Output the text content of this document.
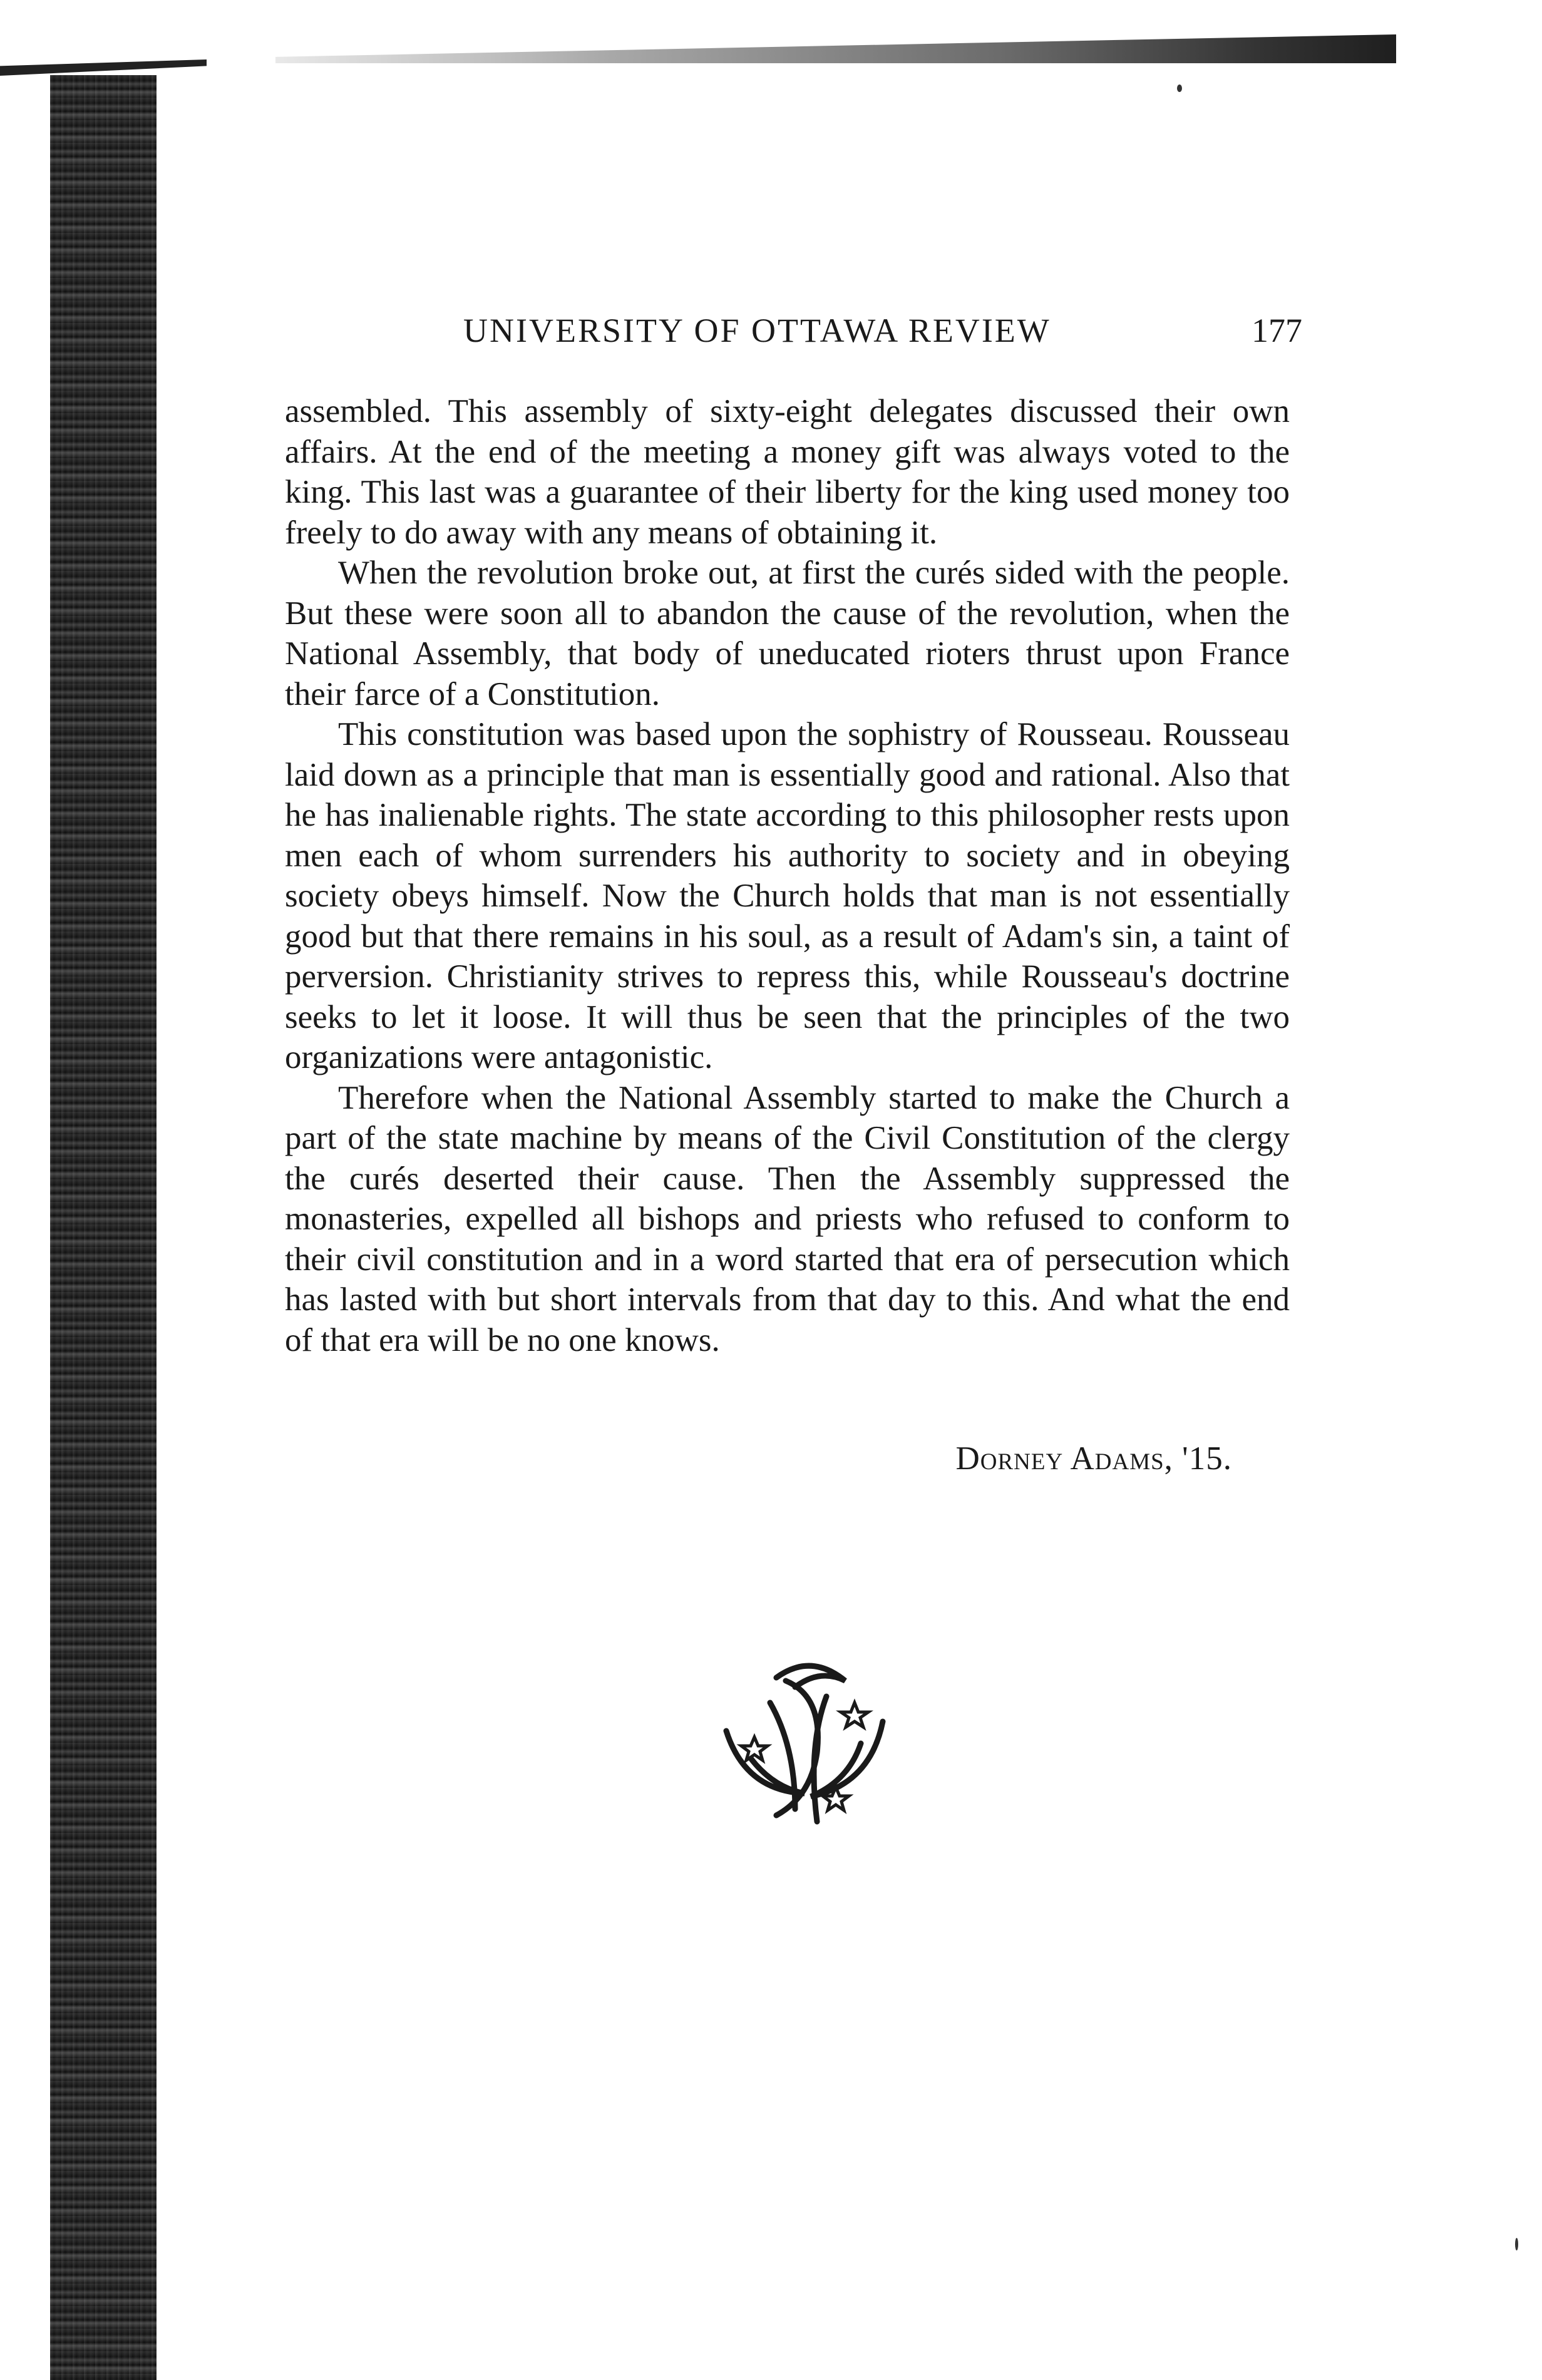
UNIVERSITY OF OTTAWA REVIEW	177

assembled. This assembly of sixty-eight delegates discussed their own affairs. At the end of the meeting a money gift was always voted to the king. This last was a guarantee of their liberty for the king used money too freely to do away with any means of obtaining it.

When the revolution broke out, at first the curés sided with the people. But these were soon all to abandon the cause of the revolution, when the National Assembly, that body of uneducated rioters thrust upon France their farce of a Constitution.

This constitution was based upon the sophistry of Rousseau. Rousseau laid down as a principle that man is essentially good and rational. Also that he has inalienable rights. The state according to this philosopher rests upon men each of whom surrenders his authority to society and in obeying society obeys himself. Now the Church holds that man is not essentially good but that there remains in his soul, as a result of Adam's sin, a taint of perversion. Christianity strives to repress this, while Rousseau's doctrine seeks to let it loose. It will thus be seen that the principles of the two organizations were antagonistic.

Therefore when the National Assembly started to make the Church a part of the state machine by means of the Civil Constitution of the clergy the curés deserted their cause. Then the Assembly suppressed the monasteries, expelled all bishops and priests who refused to conform to their civil constitution and in a word started that era of persecution which has lasted with but short intervals from that day to this. And what the end of that era will be no one knows.

Dorney Adams, '15.
